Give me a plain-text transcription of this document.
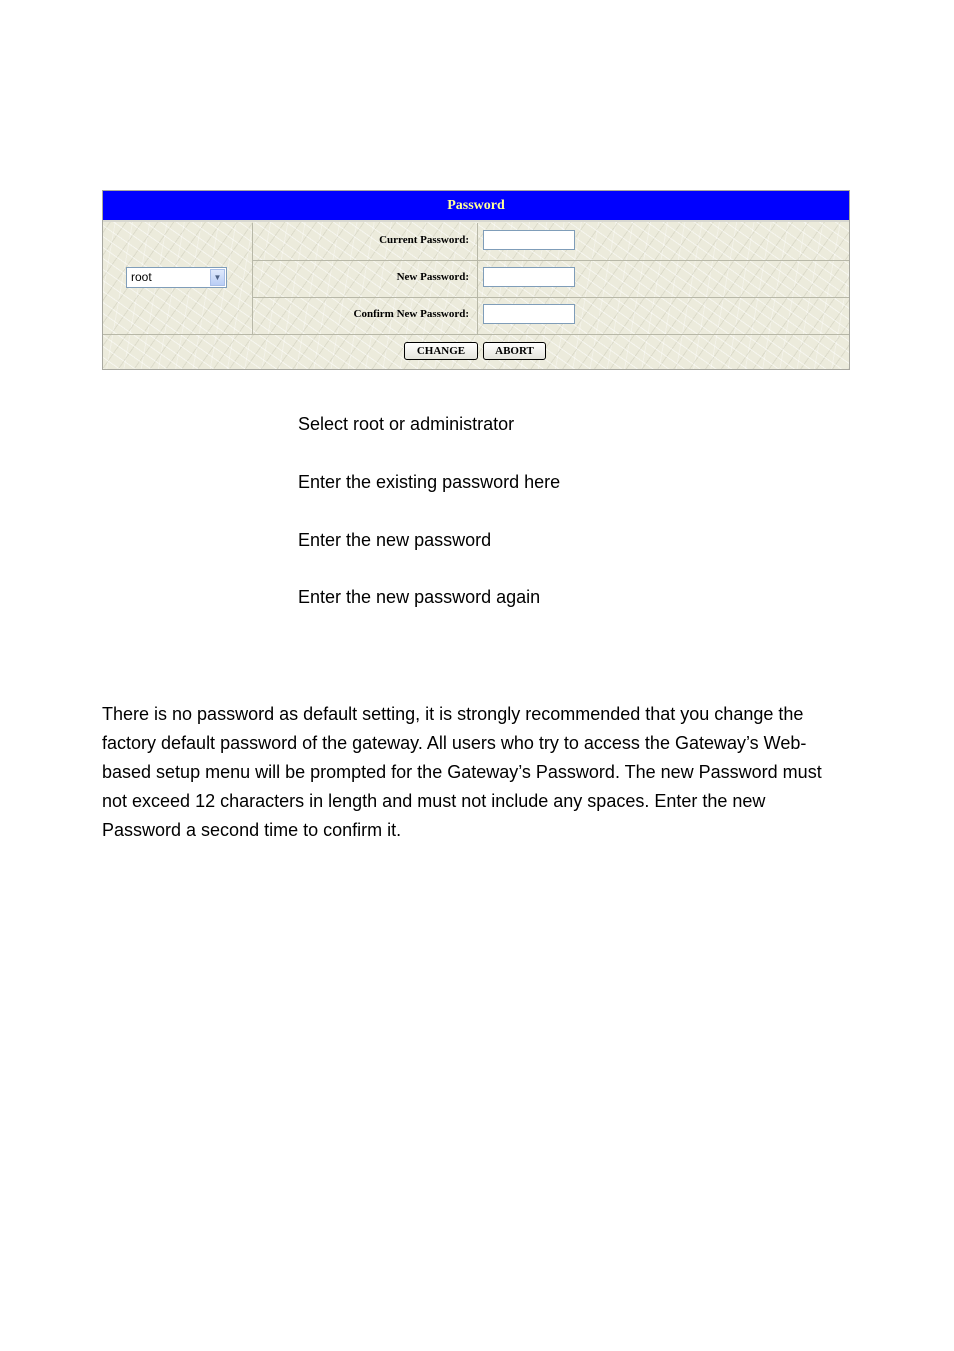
Password
root	▼
Current Password:
New Password:
Confirm New Password:
CHANGE	ABORT
Select root or administrator
Enter the existing password here
Enter the new password
Enter the new password again

There is no password as default setting, it is strongly recommended that you change the factory default password of the gateway. All users who try to access the Gateway’s Web-based setup menu will be prompted for the Gateway’s Password. The new Password must not exceed 12 characters in length and must not include any spaces. Enter the new Password a second time to confirm it.
